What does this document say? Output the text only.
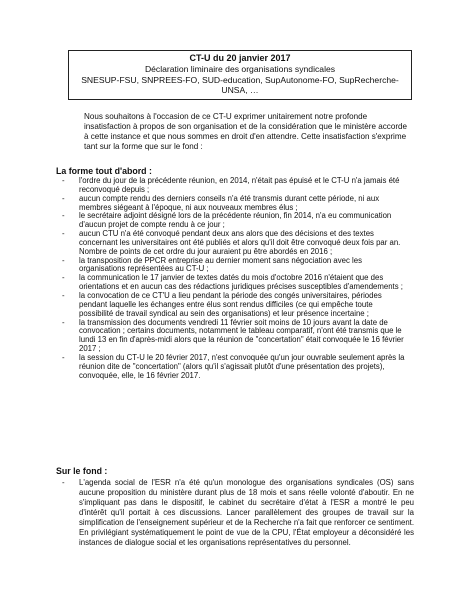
CT-U du 20 janvier 2017
Déclaration liminaire des organisations syndicales
SNESUP-FSU, SNPREES-FO, SUD-education, SupAutonome-FO, SupRecherche-UNSA, …
Nous souhaitons à l'occasion de ce CT-U exprimer unitairement notre profonde insatisfaction à propos de son organisation et de la considération que le ministère accorde à cette instance et que nous sommes en droit d'en attendre. Cette insatisfaction s'exprime tant sur la forme que sur le fond :
La forme tout d'abord :
- l'ordre du jour de la précédente réunion, en 2014, n'était pas épuisé et le CT-U n'a jamais été reconvoqué depuis ;
- aucun compte rendu des derniers conseils n'a été transmis durant cette période, ni aux membres siégeant à l'époque, ni aux nouveaux membres élus ;
- le secrétaire adjoint désigné lors de la précédente réunion, fin 2014, n'a eu communication d'aucun projet de compte rendu à ce jour ;
- aucun CTU n'a été convoqué pendant deux ans alors que des décisions et des textes concernant les universitaires ont été publiés et alors qu'il doit être convoqué deux fois par an. Nombre de points de cet ordre du jour auraient pu être abordés en 2016 ;
- la transposition de PPCR entreprise au dernier moment sans négociation avec les organisations représentées au CT-U ;
- la communication le 17 janvier de textes datés du mois d'octobre 2016 n'étaient que des orientations et en aucun cas des rédactions juridiques précises susceptibles d'amendements ;
- la convocation de ce CT'U a lieu pendant la période des congés universitaires, périodes pendant laquelle les échanges entre élus sont rendus difficiles (ce qui empêche toute possibilité de travail syndical au sein des organisations) et leur présence incertaine ;
- la transmission des documents vendredi 11 février soit moins de 10 jours avant la date de convocation ; certains documents, notamment le tableau comparatif, n'ont été transmis que le lundi 13 en fin d'après-midi alors que la réunion de "concertation" était convoquée le 16 février 2017 ;
- la session du CT-U le 20 février 2017, n'est convoquée qu'un jour ouvrable seulement après la réunion dite de "concertation" (alors qu'il s'agissait plutôt d'une présentation des projets), convoquée, elle, le 16 février 2017.
Sur le fond :
- L'agenda social de l'ESR n'a été qu'un monologue des organisations syndicales (OS) sans aucune proposition du ministère durant plus de 18 mois et sans réelle volonté d'aboutir. En ne s'impliquant pas dans le dispositif, le cabinet du secrétaire d'état à l'ESR a montré le peu d'intérêt qu'il portait à ces discussions. Lancer parallèlement des groupes de travail sur la simplification de l'enseignement supérieur et de la Recherche n'a fait que renforcer ce sentiment. En privilégiant systématiquement le point de vue de la CPU, l'État employeur a déconsidéré les instances de dialogue social et les organisations représentatives du personnel.
